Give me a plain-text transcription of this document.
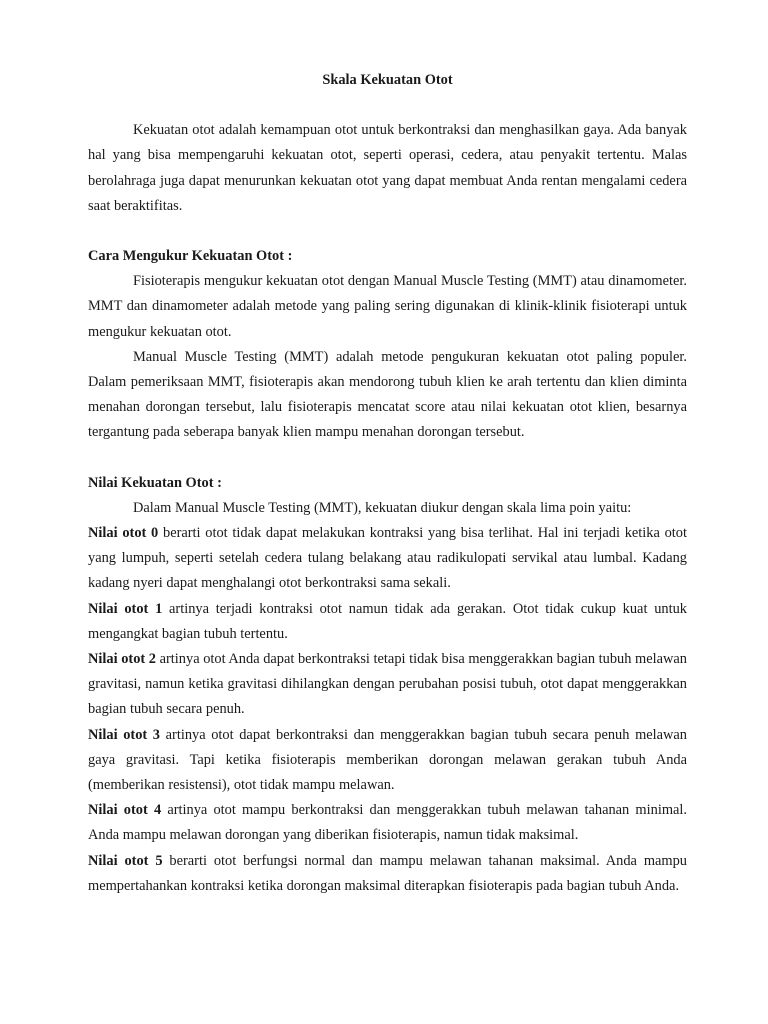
Skala Kekuatan Otot

Kekuatan otot adalah kemampuan otot untuk berkontraksi dan menghasilkan gaya. Ada banyak hal yang bisa mempengaruhi kekuatan otot, seperti operasi, cedera, atau penyakit tertentu. Malas berolahraga juga dapat menurunkan kekuatan otot yang dapat membuat Anda rentan mengalami cedera saat beraktifitas.

Cara Mengukur Kekuatan Otot :

Fisioterapis mengukur kekuatan otot dengan Manual Muscle Testing (MMT) atau dinamometer. MMT dan dinamometer adalah metode yang paling sering digunakan di klinik-klinik fisioterapi untuk mengukur kekuatan otot.

Manual Muscle Testing (MMT) adalah metode pengukuran kekuatan otot paling populer. Dalam pemeriksaan MMT, fisioterapis akan mendorong tubuh klien ke arah tertentu dan klien diminta menahan dorongan tersebut, lalu fisioterapis mencatat score atau nilai kekuatan otot klien, besarnya tergantung pada seberapa banyak klien mampu menahan dorongan tersebut.

Nilai Kekuatan Otot :

Dalam Manual Muscle Testing (MMT), kekuatan diukur dengan skala lima poin yaitu:

Nilai otot 0 berarti otot tidak dapat melakukan kontraksi yang bisa terlihat. Hal ini terjadi ketika otot yang lumpuh, seperti setelah cedera tulang belakang atau radikulopati servikal atau lumbal. Kadang kadang nyeri dapat menghalangi otot berkontraksi sama sekali.

Nilai otot 1 artinya terjadi kontraksi otot namun tidak ada gerakan. Otot tidak cukup kuat untuk mengangkat bagian tubuh tertentu.

Nilai otot 2 artinya otot Anda dapat berkontraksi tetapi tidak bisa menggerakkan bagian tubuh melawan gravitasi, namun ketika gravitasi dihilangkan dengan perubahan posisi tubuh, otot dapat menggerakkan bagian tubuh secara penuh.

Nilai otot 3 artinya otot dapat berkontraksi dan menggerakkan bagian tubuh secara penuh melawan gaya gravitasi. Tapi ketika fisioterapis memberikan dorongan melawan gerakan tubuh Anda (memberikan resistensi), otot tidak mampu melawan.

Nilai otot 4 artinya otot mampu berkontraksi dan menggerakkan tubuh melawan tahanan minimal. Anda mampu melawan dorongan yang diberikan fisioterapis, namun tidak maksimal.

Nilai otot 5 berarti otot berfungsi normal dan mampu melawan tahanan maksimal. Anda mampu mempertahankan kontraksi ketika dorongan maksimal diterapkan fisioterapis pada bagian tubuh Anda.
